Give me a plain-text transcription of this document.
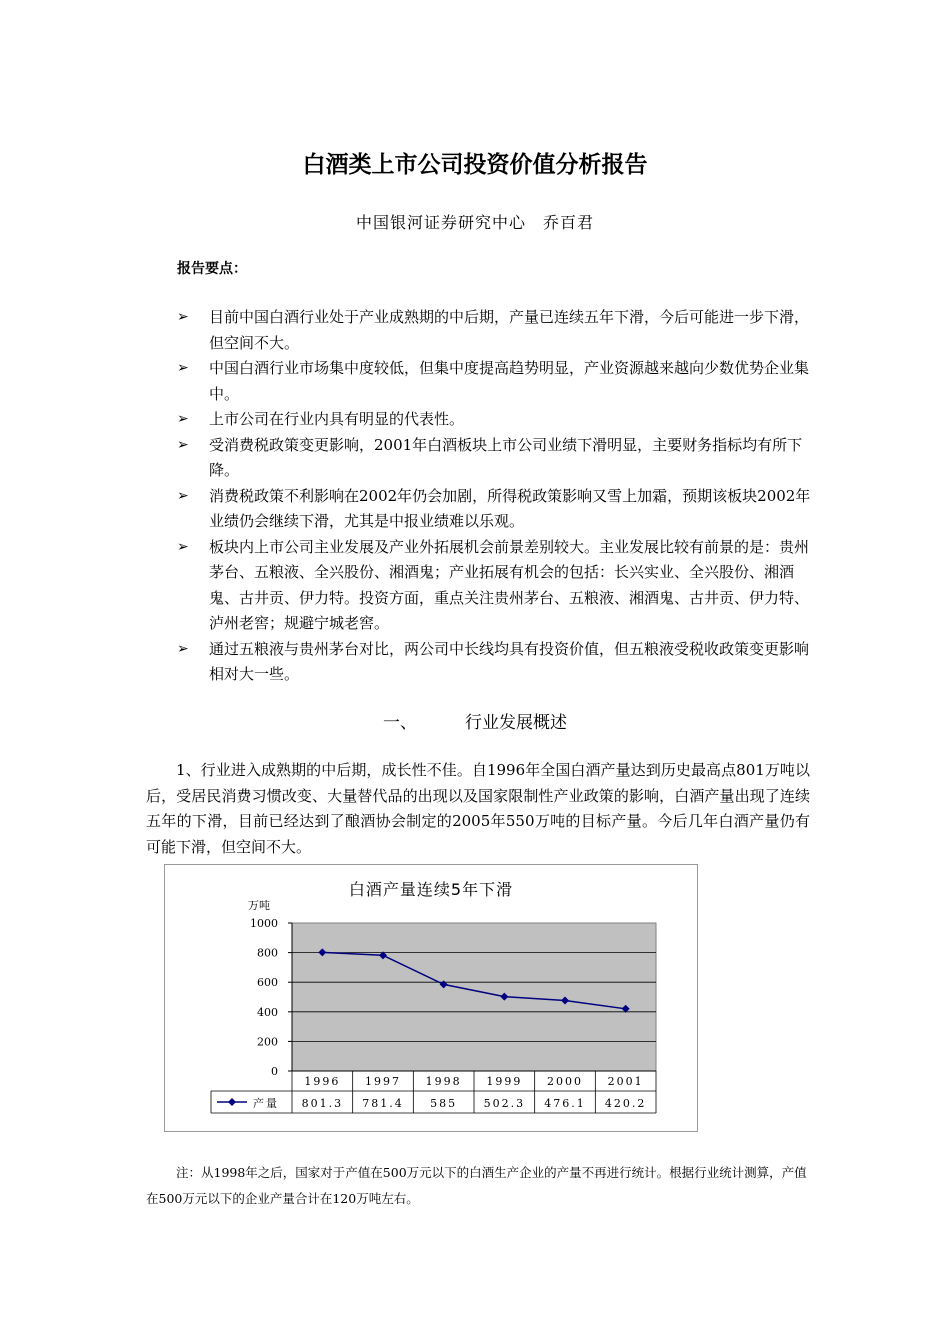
白酒类上市公司投资价值分析报告
中国银河证券研究中心　乔百君
报告要点：
➢ 目前中国白酒行业处于产业成熟期的中后期，产量已连续五年下滑，今后可能进一步下滑，但空间不大。
➢ 中国白酒行业市场集中度较低，但集中度提高趋势明显，产业资源越来越向少数优势企业集中。
➢ 上市公司在行业内具有明显的代表性。
➢ 受消费税政策变更影响，2001年白酒板块上市公司业绩下滑明显，主要财务指标均有所下降。
➢ 消费税政策不利影响在2002年仍会加剧，所得税政策影响又雪上加霜，预期该板块2002年业绩仍会继续下滑，尤其是中报业绩难以乐观。
➢ 板块内上市公司主业发展及产业外拓展机会前景差别较大。主业发展比较有前景的是：贵州茅台、五粮液、全兴股份、湘酒鬼；产业拓展有机会的包括：长兴实业、全兴股份、湘酒鬼、古井贡、伊力特。投资方面，重点关注贵州茅台、五粮液、湘酒鬼、古井贡、伊力特、泸州老窖；规避宁城老窖。
➢ 通过五粮液与贵州茅台对比，两公司中长线均具有投资价值，但五粮液受税收政策变更影响相对大一些。
一、	行业发展概述

1、行业进入成熟期的中后期，成长性不佳。自1996年全国白酒产量达到历史最高点801万吨以后，受居民消费习惯改变、大量替代品的出现以及国家限制性产业政策的影响，白酒产量出现了连续五年的下滑，目前已经达到了酿酒协会制定的2005年550万吨的目标产量。今后几年白酒产量仍有可能下滑，但空间不大。

白酒产量连续5年下滑
万吨
0
200
400
600
800
1000
1996
801.3
1997
781.4
1998
585
1999
502.3
2000
476.1
2001
420.2
产量

注：从1998年之后，国家对于产值在500万元以下的白酒生产企业的产量不再进行统计。根据行业统计测算，产值在500万元以下的企业产量合计在120万吨左右。
